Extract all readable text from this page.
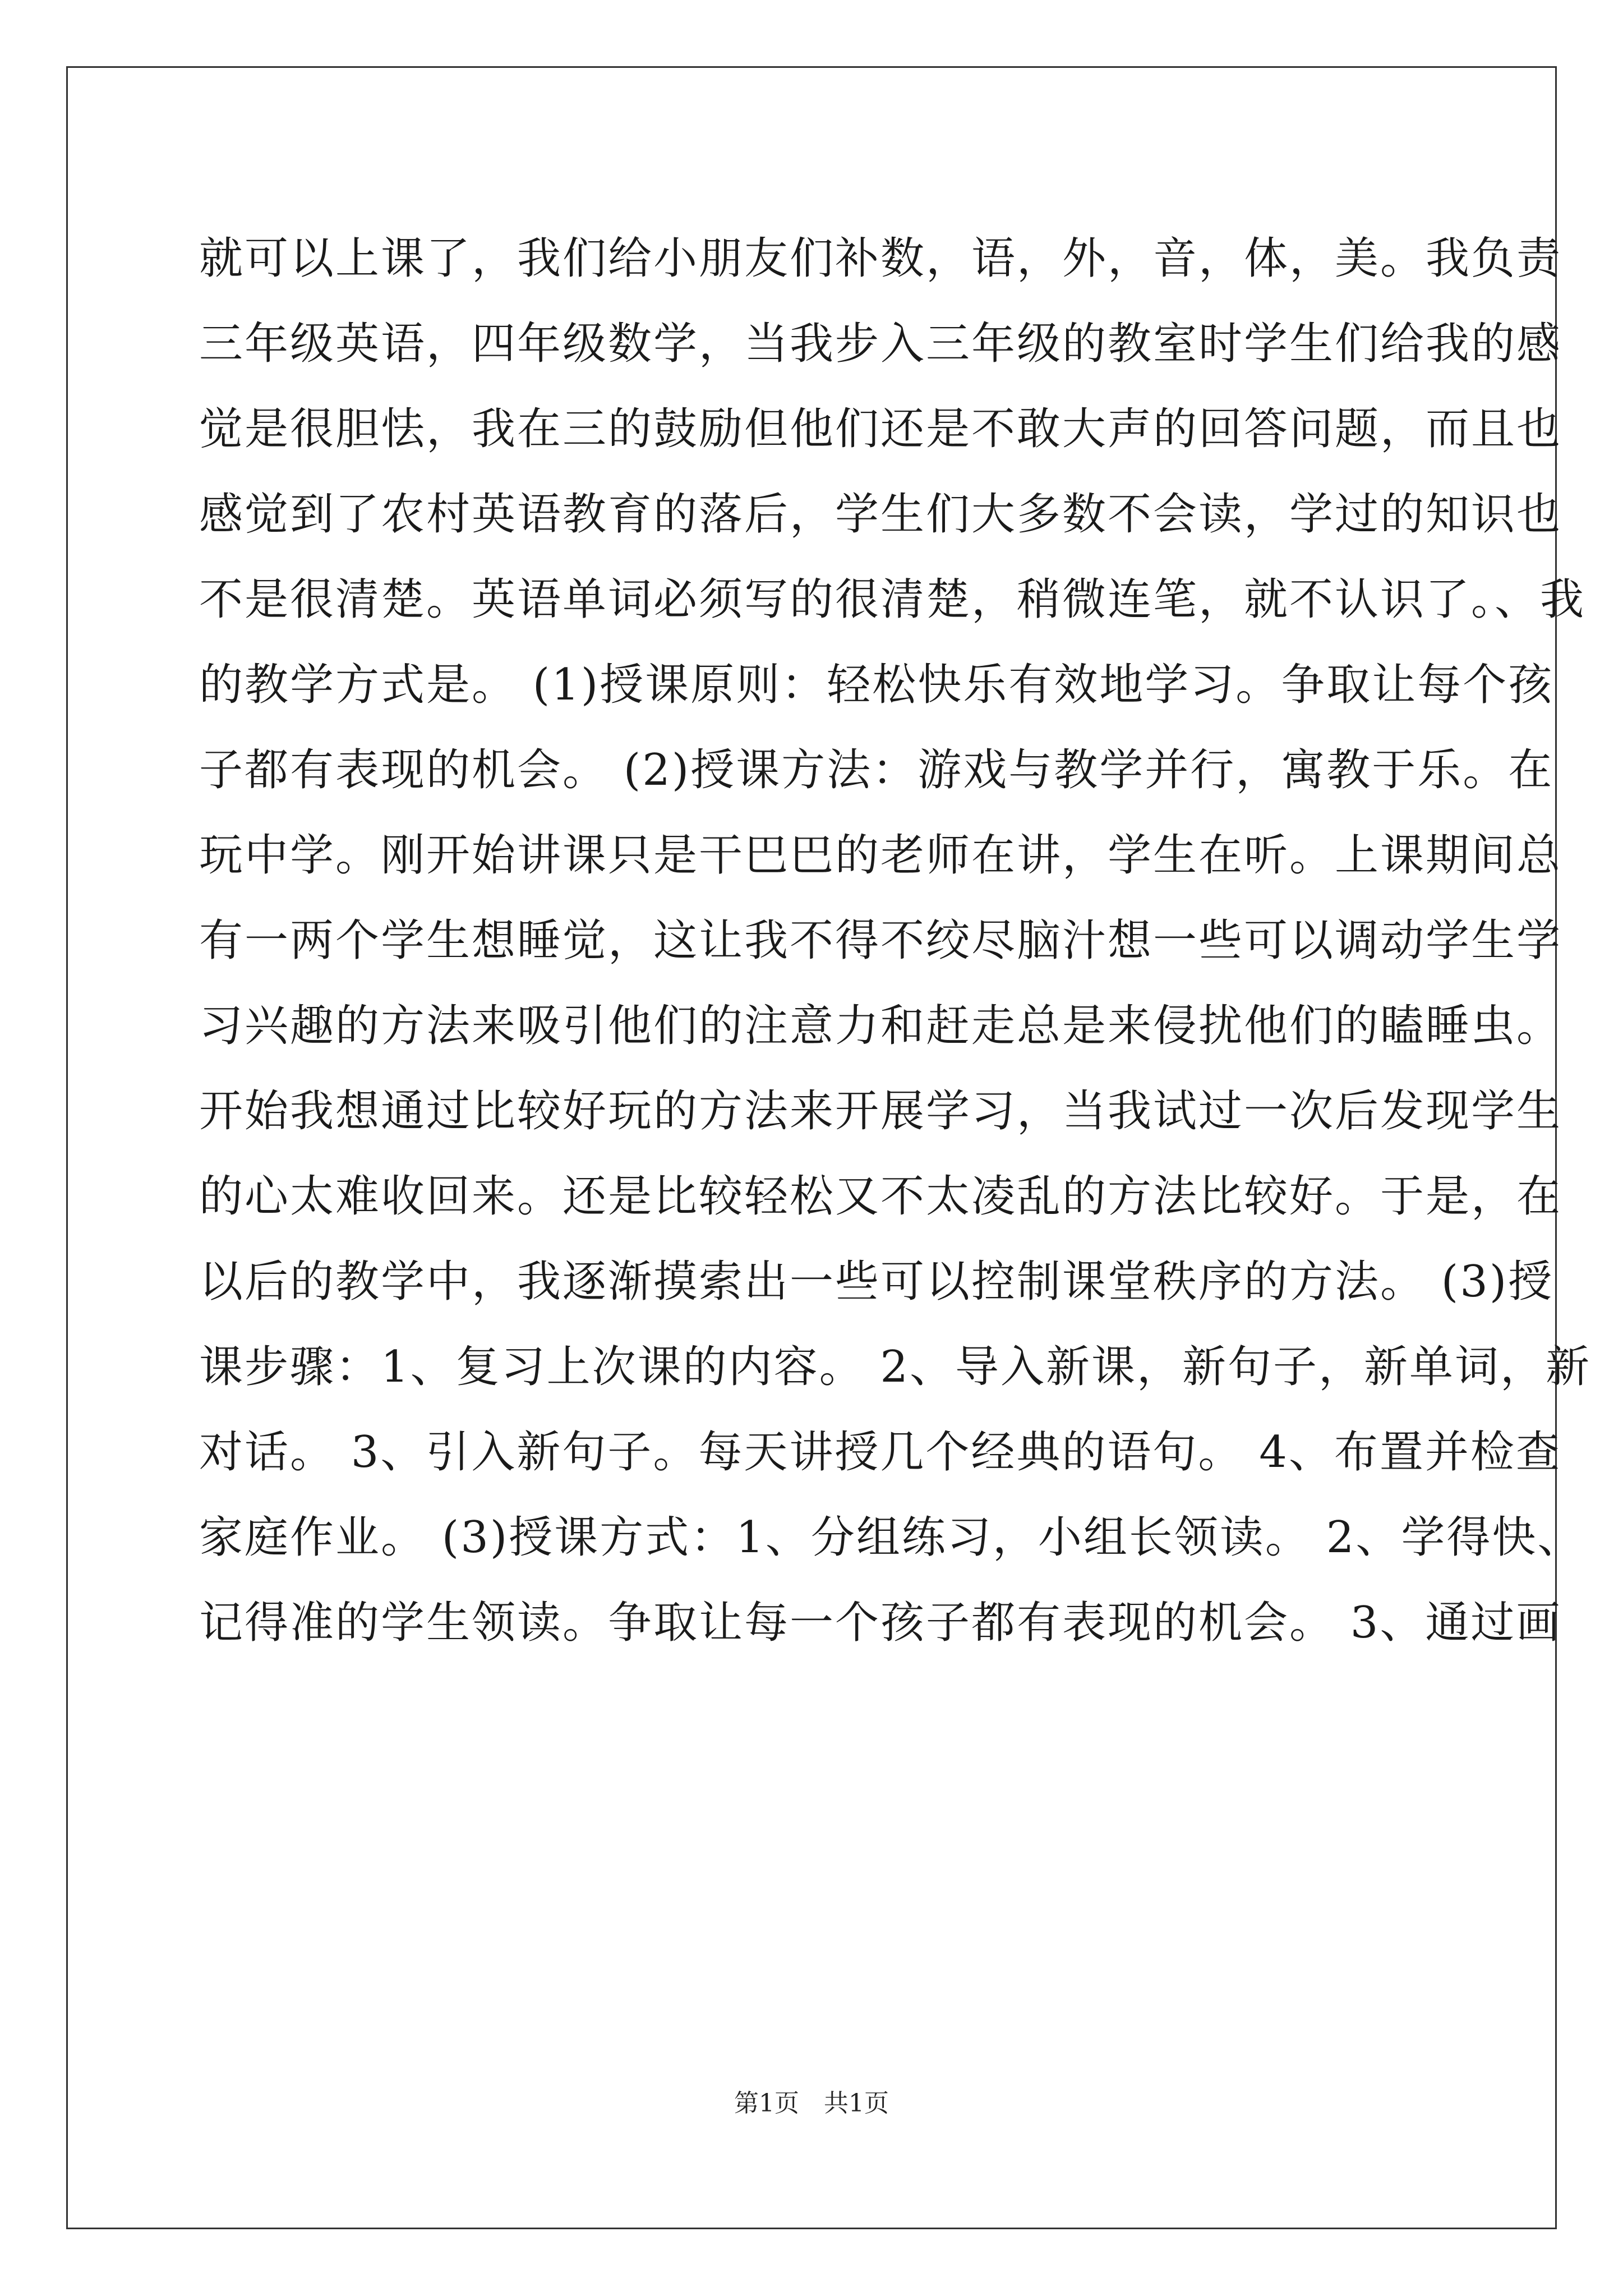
就可以上课了，我们给小朋友们补数，语，外，音，体，美。我负责
三年级英语，四年级数学，当我步入三年级的教室时学生们给我的感
觉是很胆怯，我在三的鼓励但他们还是不敢大声的回答问题，而且也
感觉到了农村英语教育的落后，学生们大多数不会读，学过的知识也
不是很清楚。英语单词必须写的很清楚，稍微连笔，就不认识了。、我
的教学方式是。 (1)授课原则：轻松快乐有效地学习。争取让每个孩
子都有表现的机会。 (2)授课方法：游戏与教学并行，寓教于乐。在
玩中学。刚开始讲课只是干巴巴的老师在讲，学生在听。上课期间总
有一两个学生想睡觉，这让我不得不绞尽脑汁想一些可以调动学生学
习兴趣的方法来吸引他们的注意力和赶走总是来侵扰他们的瞌睡虫。
开始我想通过比较好玩的方法来开展学习，当我试过一次后发现学生
的心太难收回来。还是比较轻松又不太凌乱的方法比较好。于是，在
以后的教学中，我逐渐摸索出一些可以控制课堂秩序的方法。 (3)授
课步骤：1、复习上次课的内容。 2、导入新课，新句子，新单词，新
对话。 3、引入新句子。每天讲授几个经典的语句。 4、布置并检查
家庭作业。 (3)授课方式：1、分组练习，小组长领读。 2、学得快、
记得准的学生领读。争取让每一个孩子都有表现的机会。 3、通过画
第1页　共1页
